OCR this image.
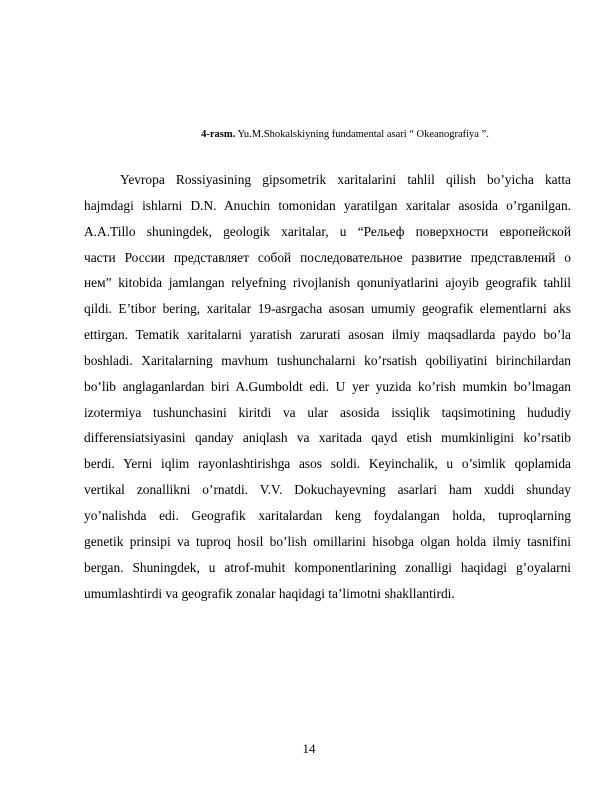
4-rasm. Yu.M.Shokalskiyning fundamental asari “ Okeanografiya ”.
Yevropa Rossiyasining gipsometrik xaritalarini tahlil qilish bo’yicha katta
hajmdagi ishlarni D.N. Anuchin tomonidan yaratilgan xaritalar asosida o’rganilgan.
A.A.Tillo shuningdek, geologik xaritalar, u “Рельеф поверхности европейской
части России представляет собой последовательное развитие представлений о
нем” kitobida jamlangan relyefning rivojlanish qonuniyatlarini ajoyib geografik tahlil
qildi. E’tibor bering, xaritalar 19-asrgacha asosan umumiy geografik elementlarni aks
ettirgan. Tematik xaritalarni yaratish zarurati asosan ilmiy maqsadlarda paydo bo’la
boshladi. Xaritalarning mavhum tushunchalarni ko’rsatish qobiliyatini birinchilardan
bo’lib anglaganlardan biri A.Gumboldt edi. U yer yuzida ko’rish mumkin bo’lmagan
izotermiya tushunchasini kiritdi va ular asosida issiqlik taqsimotining hududiy
differensiatsiyasini qanday aniqlash va xaritada qayd etish mumkinligini ko’rsatib
berdi. Yerni iqlim rayonlashtirishga asos soldi. Keyinchalik, u o’simlik qoplamida
vertikal zonallikni o’rnatdi. V.V. Dokuchayevning asarlari ham xuddi shunday
yo’nalishda edi. Geografik xaritalardan keng foydalangan holda, tuproqlarning
genetik prinsipi va tuproq hosil bo’lish omillarini hisobga olgan holda ilmiy tasnifini
bergan. Shuningdek, u atrof-muhit komponentlarining zonalligi haqidagi g’oyalarni
umumlashtirdi va geografik zonalar haqidagi ta’limotni shakllantirdi.
14
